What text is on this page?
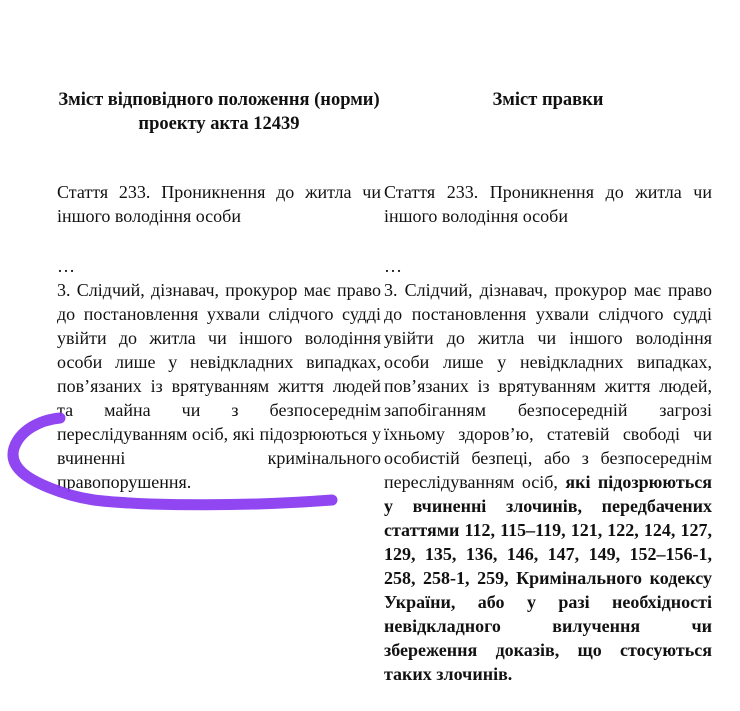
Зміст відповідного положення (норми) проекту акта 12439
Зміст правки
Стаття 233. Проникнення до житла чи іншого володіння особи
Стаття 233. Проникнення до житла чи іншого володіння особи
…	…
3. Слідчий, дізнавач, прокурор має право до постановлення ухвали слідчого судді увійти до житла чи іншого володіння особи лише у невідкладних випадках, пов’язаних із врятуванням життя людей та майна чи з безпосереднім переслідуванням осіб, які підозрюються у вчиненні кримінального правопорушення.
3. Слідчий, дізнавач, прокурор має право до постановлення ухвали слідчого судді увійти до житла чи іншого володіння особи лише у невідкладних випадках, пов’язаних із врятуванням життя людей, запобіганням безпосередній загрозі їхньому здоров’ю, статевій свободі чи особистій безпеці, або з безпосереднім переслідуванням осіб, які підозрюються у вчиненні злочинів, передбачених статтями 112, 115–119, 121, 122, 124, 127, 129, 135, 136, 146, 147, 149, 152–156-1, 258, 258-1, 259, Кримінального кодексу України, або у разі необхідності невідкладного вилучення чи збереження доказів, що стосуються таких злочинів.
